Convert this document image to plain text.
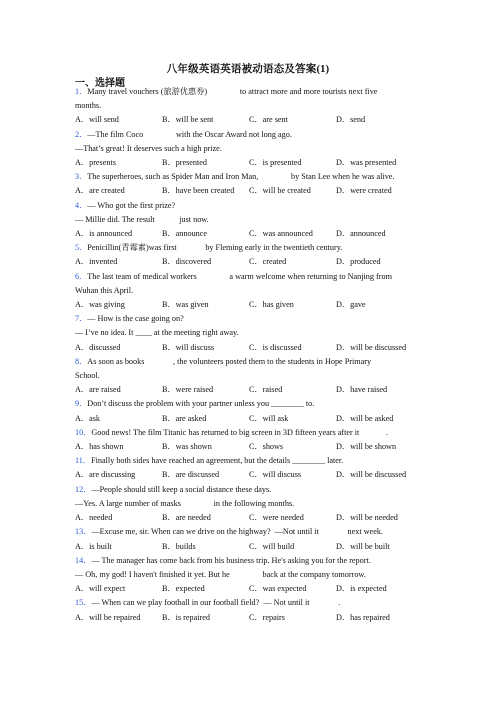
八年级英语英语被动语态及答案(1)
一、选择题
1．Many travel vouchers (旅游优惠券)                to attract more and more tourists next five
months.
A．will send	B．will be sent	C．are sent	D．send
2．—The film Coco                with the Oscar Award not long ago.
—That’s great! It deserves such a high prize.
A．presents	B．presented	C．is presented	D．was presented
3．The superheroes, such as Spider Man and Iron Man,                by Stan Lee when he was alive.
A．are created	B．have been created	C．will be created	D．were created
4．— Who got the first prize?
— Millie did. The result            just now.
A．is announced	B．announce	C．was announced	D．announced
5．Penicillin(青霉素)was first              by Fleming early in the twentieth century.
A．invented	B．discovered	C．created	D．produced
6．The last team of medical workers                a warm welcome when returning to Nanjing from
Wuhan this April.
A．was giving	B．was given	C．has given	D．gave
7．— How is the case going on?
— I’ve no idea. It ____ at the meeting right away.
A．discussed	B．will discuss	C．is discussed	D．will be discussed
8．As soon as books              , the volunteers posted them to the students in Hope Primary
School.
A．are raised	B．were raised	C．raised	D．have raised
9．Don’t discuss the problem with your partner unless you ________ to.
A．ask	B．are asked	C．will ask	D．will be asked
10．Good news! The film Titanic has returned to big screen in 3D fifteen years after it             .
A．has shown	B．was shown	C．shows	D．will be shown
11．Finally both sides have reached an agreement, but the details ________ later.
A．are discussing	B．are discussed	C．will discuss	D．will be discussed
12．—People should still keep a social distance these days.
—Yes. A large number of masks                in the following months.
A．needed	B．are needed	C．were needed	D．will be needed
13．—Excuse me, sir. When can we drive on the highway?  —Not until it              next week.
A．is built	B．builds	C．will build	D．will be built
14．— The manager has come back from his business trip. He's asking you for the report.
— Oh, my god! I haven't finished it yet. But he                back at the company tomorrow.
A．will expect	B．expected	C．was expected	D．is expected
15．— When can we play football in our football field?  — Not until it              .
A．will be repaired	B．is repaired	C．repairs	D．has repaired
